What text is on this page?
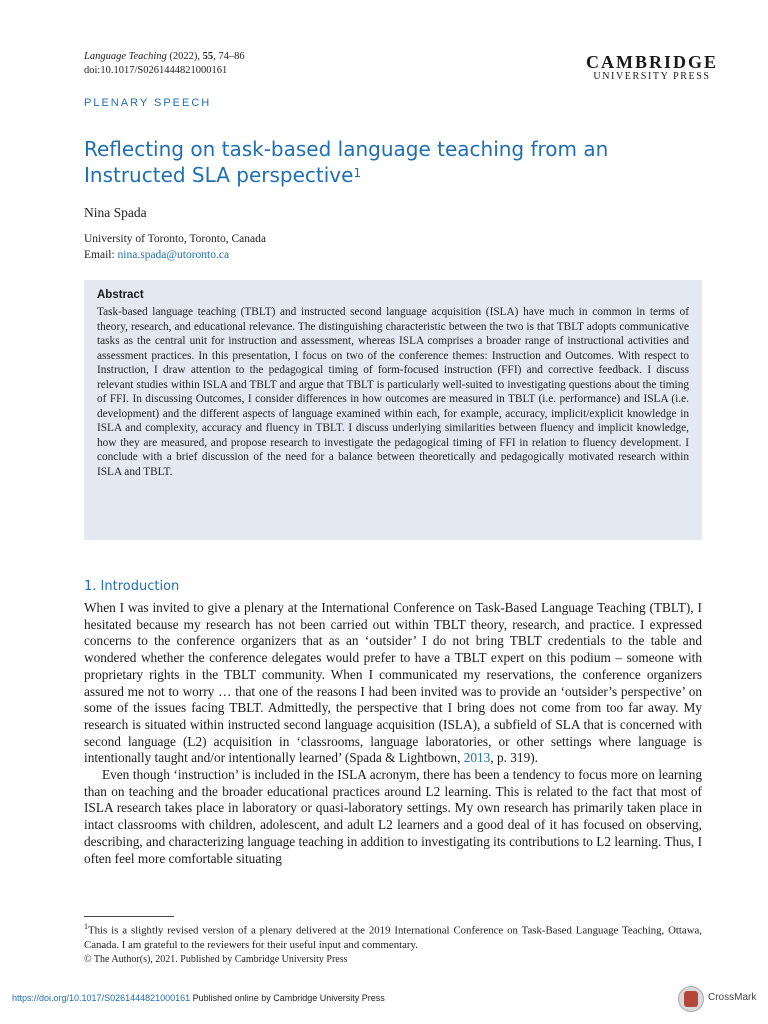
Language Teaching (2022), 55, 74–86
doi:10.1017/S0261444821000161	CAMBRIDGE
UNIVERSITY PRESS
PLENARY SPEECH
Reflecting on task-based language teaching from an Instructed SLA perspective$^1$
Nina Spada
University of Toronto, Toronto, Canada
Email: nina.spada@utoronto.ca
Abstract
Task-based language teaching (TBLT) and instructed second language acquisition (ISLA) have much in common in terms of theory, research, and educational relevance. The distinguishing characteristic between the two is that TBLT adopts communicative tasks as the central unit for instruction and assessment, whereas ISLA comprises a broader range of instructional activities and assessment practices. In this presentation, I focus on two of the conference themes: Instruction and Outcomes. With respect to Instruction, I draw attention to the pedagogical timing of form-focused instruction (FFI) and corrective feedback. I discuss relevant studies within ISLA and TBLT and argue that TBLT is particularly well-suited to investigating questions about the timing of FFI. In discussing Outcomes, I consider differences in how outcomes are measured in TBLT (i.e. performance) and ISLA (i.e. development) and the different aspects of language examined within each, for example, accuracy, implicit/explicit knowledge in ISLA and complexity, accuracy and fluency in TBLT. I discuss underlying similarities between fluency and implicit knowledge, how they are measured, and propose research to investigate the pedagogical timing of FFI in relation to fluency development. I conclude with a brief discussion of the need for a balance between theoretically and pedagogically motivated research within ISLA and TBLT.
1. Introduction

When I was invited to give a plenary at the International Conference on Task-Based Language Teaching (TBLT), I hesitated because my research has not been carried out within TBLT theory, research, and practice. I expressed concerns to the conference organizers that as an ‘outsider’ I do not bring TBLT credentials to the table and wondered whether the conference delegates would prefer to have a TBLT expert on this podium – someone with proprietary rights in the TBLT community. When I communicated my reservations, the conference organizers assured me not to worry … that one of the reasons I had been invited was to provide an ‘outsider’s perspective’ on some of the issues facing TBLT. Admittedly, the perspective that I bring does not come from too far away. My research is situated within instructed second language acquisition (ISLA), a subfield of SLA that is concerned with second language (L2) acquisition in ‘classrooms, language laboratories, or other settings where language is intentionally taught and/or intentionally learned’ (Spada & Lightbown, 2013, p. 319).

Even though ‘instruction’ is included in the ISLA acronym, there has been a tendency to focus more on learning than on teaching and the broader educational practices around L2 learning. This is related to the fact that most of ISLA research takes place in laboratory or quasi-laboratory settings. My own research has primarily taken place in intact classrooms with children, adolescent, and adult L2 learners and a good deal of it has focused on observing, describing, and characterizing language teaching in addition to investigating its contributions to L2 learning. Thus, I often feel more comfortable situating

$^1$This is a slightly revised version of a plenary delivered at the 2019 International Conference on Task-Based Language Teaching, Ottawa, Canada. I am grateful to the reviewers for their useful input and commentary.
© The Author(s), 2021. Published by Cambridge University Press
https://doi.org/10.1017/S0261444821000161 Published online by Cambridge University Press	CrossMark
